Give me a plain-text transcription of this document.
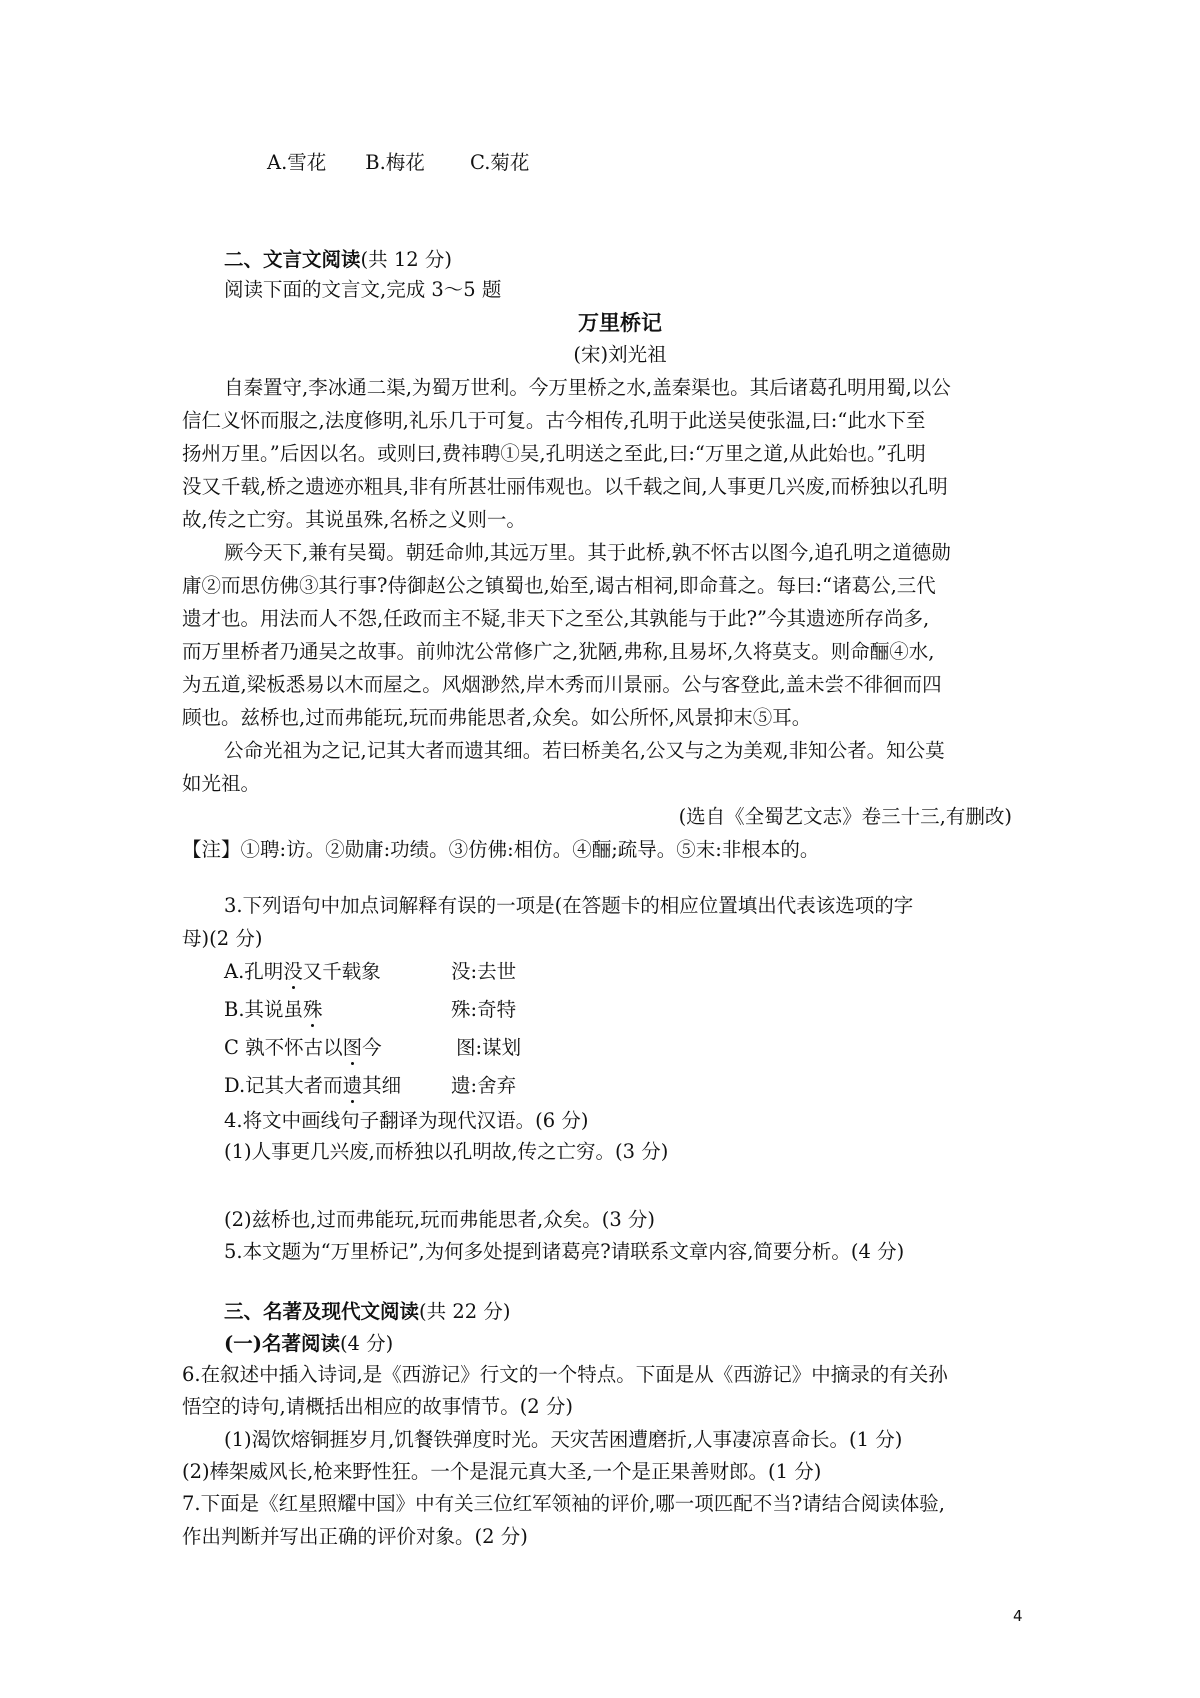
A.雪花　　B.梅花　　 C.菊花
二、文言文阅读(共 12 分)
阅读下面的文言文,完成 3～5 题
万里桥记
(宋)刘光祖
自秦置守,李冰通二渠,为蜀万世利。今万里桥之水,盖秦渠也。其后诸葛孔明用蜀,以公
信仁义怀而服之,法度修明,礼乐几于可复。古今相传,孔明于此送吴使张温,曰:“此水下至
扬州万里。”后因以名。或则曰,费祎聘①吴,孔明送之至此,曰:“万里之道,从此始也。”孔明
没又千载,桥之遗迹亦粗具,非有所甚壮丽伟观也。以千载之间,人事更几兴废,而桥独以孔明
故,传之亡穷。其说虽殊,名桥之义则一。
厥今天下,兼有吴蜀。朝廷命帅,其远万里。其于此桥,孰不怀古以图今,追孔明之道德勋
庸②而思仿佛③其行事?侍御赵公之镇蜀也,始至,谒古相祠,即命葺之。每曰:“诸葛公,三代
遗才也。用法而人不怨,任政而主不疑,非天下之至公,其孰能与于此?”今其遗迹所存尚多,
而万里桥者乃通吴之故事。前帅沈公常修广之,犹陋,弗称,且易坏,久将莫支。则命酾④水,
为五道,梁板悉易以木而屋之。风烟渺然,岸木秀而川景丽。公与客登此,盖未尝不徘徊而四
顾也。兹桥也,过而弗能玩,玩而弗能思者,众矣。如公所怀,风景抑末⑤耳。
公命光祖为之记,记其大者而遗其细。若曰桥美名,公又与之为美观,非知公者。知公莫
如光祖。
(选自《全蜀艺文志》卷三十三,有删改)
【注】①聘:访。②勋庸:功绩。③仿佛:相仿。④酾;疏导。⑤末:非根本的。
3.下列语句中加点词解释有误的一项是(在答题卡的相应位置填出代表该选项的字
母)(2 分)
A.孔明没又千载象	没:去世
B.其说虽殊	殊:奇特
C 孰不怀古以图今	图:谋划
D.记其大者而遗其细	遗:舍弃
4.将文中画线句子翻译为现代汉语。(6 分)
(1)人事更几兴废,而桥独以孔明故,传之亡穷。(3 分)
(2)兹桥也,过而弗能玩,玩而弗能思者,众矣。(3 分)
5.本文题为“万里桥记”,为何多处提到诸葛亮?请联系文章内容,简要分析。(4 分)
三、名著及现代文阅读(共 22 分)
(一)名著阅读(4 分)
6.在叙述中插入诗词,是《西游记》行文的一个特点。下面是从《西游记》中摘录的有关孙
悟空的诗句,请概括出相应的故事情节。(2 分)
(1)渴饮熔铜捱岁月,饥餐铁弹度时光。天灾苦困遭磨折,人事凄凉喜命长。(1 分)
(2)棒架威风长,枪来野性狂。一个是混元真大圣,一个是正果善财郎。(1 分)
7.下面是《红星照耀中国》中有关三位红军领袖的评价,哪一项匹配不当?请结合阅读体验,
作出判断并写出正确的评价对象。(2 分)
4
